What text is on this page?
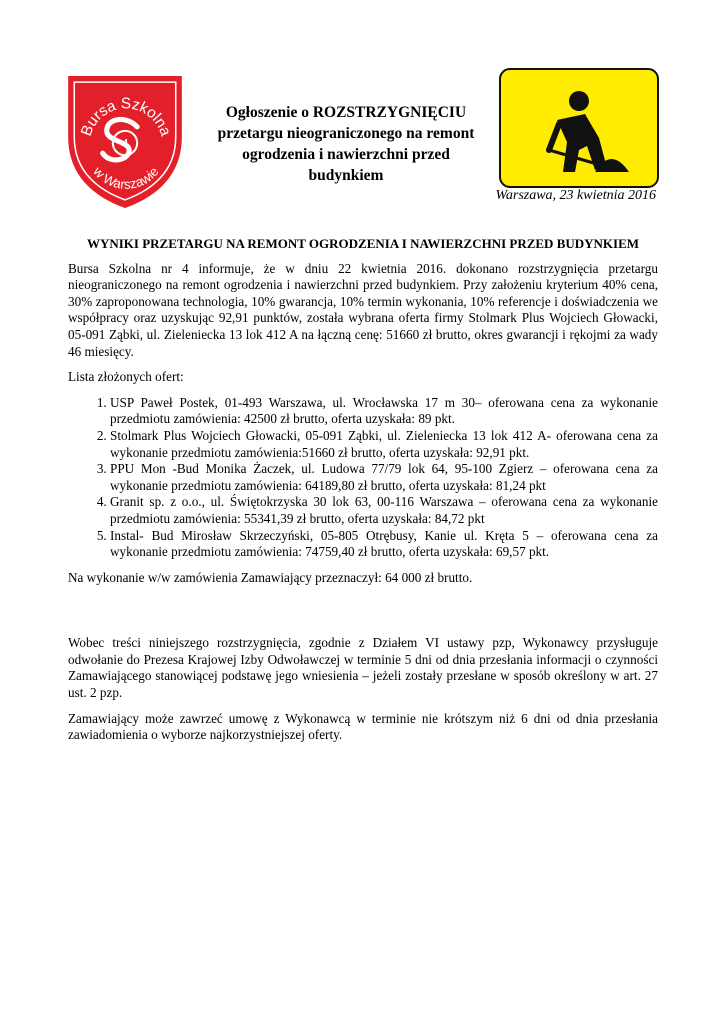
Bursa Szkolna
w Warszawie
4
Ogłoszenie o ROZSTRZYGNIĘCIU
przetargu nieograniczonego na remont
ogrodzenia i nawierzchni przed
budynkiem
Warszawa, 23 kwietnia 2016
WYNIKI PRZETARGU NA REMONT OGRODZENIA I NAWIERZCHNI PRZED BUDYNKIEM

Bursa Szkolna nr 4 informuje, że w dniu 22 kwietnia 2016. dokonano rozstrzygnięcia przetargu nieograniczonego na remont ogrodzenia i nawierzchni przed budynkiem. Przy założeniu kryterium 40% cena, 30% zaproponowana technologia, 10% gwarancja, 10% termin wykonania, 10% referencje i doświadczenia we współpracy oraz uzyskując 92,91 punktów, została wybrana oferta firmy Stolmark Plus Wojciech Głowacki, 05-091 Ząbki, ul. Zieleniecka 13 lok 412 A na łączną cenę: 51660 zł brutto, okres gwarancji i rękojmi za wady 46 miesięcy.

Lista złożonych ofert:

1. USP Paweł Postek, 01-493 Warszawa, ul. Wrocławska 17 m 30– oferowana cena za wykonanie przedmiotu zamówienia: 42500 zł brutto, oferta uzyskała: 89 pkt.
2. Stolmark Plus Wojciech Głowacki, 05-091 Ząbki, ul. Zieleniecka 13 lok 412 A- oferowana cena za wykonanie przedmiotu zamówienia:51660 zł brutto, oferta uzyskała: 92,91 pkt.
3. PPU Mon -Bud Monika Żaczek, ul. Ludowa 77/79 lok 64, 95-100 Zgierz – oferowana cena za wykonanie przedmiotu zamówienia: 64189,80 zł brutto, oferta uzyskała: 81,24 pkt
4. Granit sp. z o.o., ul. Świętokrzyska 30 lok 63, 00-116 Warszawa – oferowana cena za wykonanie przedmiotu zamówienia: 55341,39 zł brutto, oferta uzyskała: 84,72 pkt
5. Instal- Bud Mirosław Skrzeczyński, 05-805 Otrębusy, Kanie ul. Kręta 5 – oferowana cena za wykonanie przedmiotu zamówienia: 74759,40 zł brutto, oferta uzyskała: 69,57 pkt.

Na wykonanie w/w zamówienia Zamawiający przeznaczył: 64 000 zł brutto.

Wobec treści niniejszego rozstrzygnięcia, zgodnie z Działem VI ustawy pzp, Wykonawcy przysługuje odwołanie do Prezesa Krajowej Izby Odwoławczej w terminie 5 dni od dnia przesłania informacji o czynności Zamawiającego stanowiącej podstawę jego wniesienia – jeżeli zostały przesłane w sposób określony w art. 27 ust. 2 pzp.

Zamawiający może zawrzeć umowę z Wykonawcą w terminie nie krótszym niż 6 dni od dnia przesłania zawiadomienia o wyborze najkorzystniejszej oferty.
